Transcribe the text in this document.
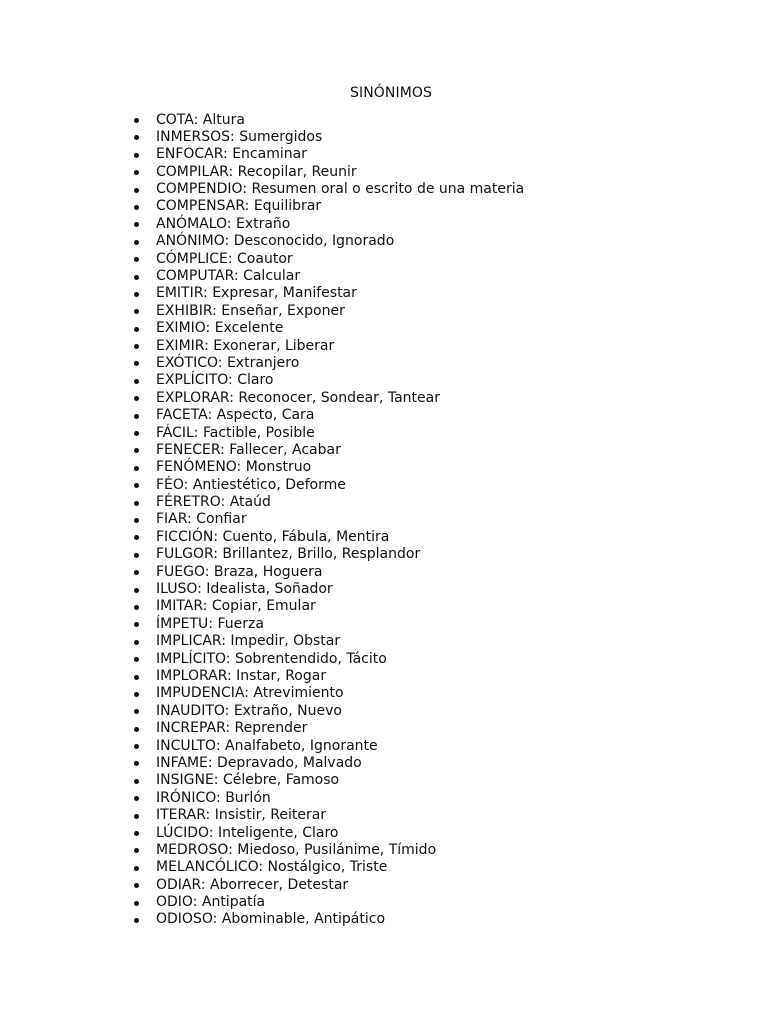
SINÓNIMOS
COTA: Altura
INMERSOS: Sumergidos
ENFOCAR: Encaminar
COMPILAR: Recopilar, Reunir
COMPENDIO: Resumen oral o escrito de una materia
COMPENSAR: Equilibrar
ANÓMALO: Extraño
ANÓNIMO: Desconocido, Ignorado
CÓMPLICE: Coautor
COMPUTAR: Calcular
EMITIR: Expresar, Manifestar
EXHIBIR: Enseñar, Exponer
EXIMIO: Excelente
EXIMIR: Exonerar, Liberar
EXÓTICO: Extranjero
EXPLÍCITO: Claro
EXPLORAR: Reconocer, Sondear, Tantear
FACETA: Aspecto, Cara
FÁCIL: Factible, Posible
FENECER: Fallecer, Acabar
FENÓMENO: Monstruo
FÉO: Antiestético, Deforme
FÉRETRO: Ataúd
FIAR: Confiar
FICCIÓN: Cuento, Fábula, Mentira
FULGOR: Brillantez, Brillo, Resplandor
FUEGO: Braza, Hoguera
ILUSO: Idealista, Soñador
IMITAR: Copiar, Emular
ÍMPETU: Fuerza
IMPLICAR: Impedir, Obstar
IMPLÍCITO: Sobrentendido, Tácito
IMPLORAR: Instar, Rogar
IMPUDENCIA: Atrevimiento
INAUDITO: Extraño, Nuevo
INCREPAR: Reprender
INCULTO: Analfabeto, Ignorante
INFAME: Depravado, Malvado
INSIGNE: Célebre, Famoso
IRÓNICO: Burlón
ITERAR: Insistir, Reiterar
LÚCIDO: Inteligente, Claro
MEDROSO: Miedoso, Pusilánime, Tímido
MELANCÓLICO: Nostálgico, Triste
ODIAR: Aborrecer, Detestar
ODIO: Antipatía
ODIOSO: Abominable, Antipático
